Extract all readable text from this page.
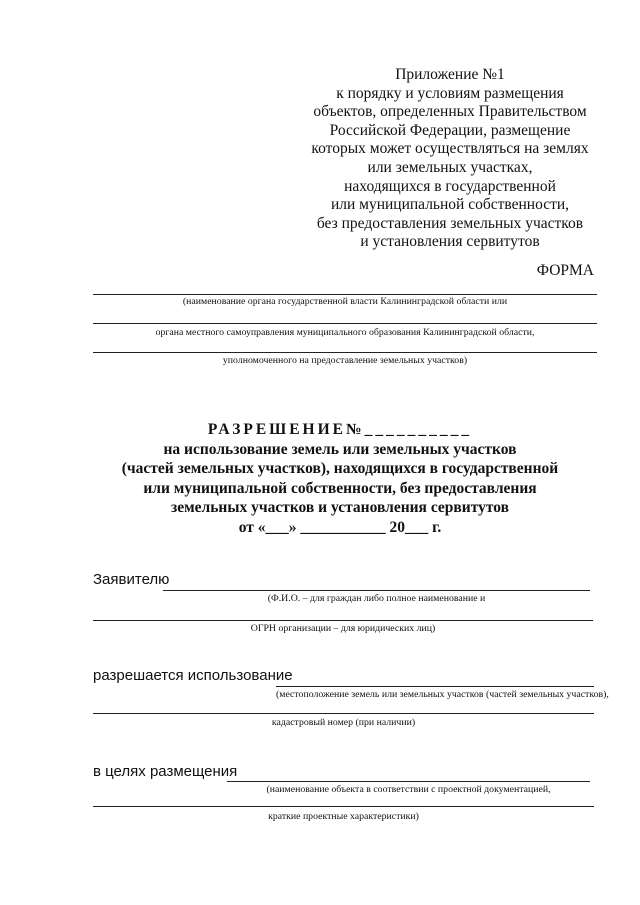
Приложение №1
к порядку и условиям размещения
объектов, определенных Правительством
Российской Федерации, размещение
которых может осуществляться на землях
или земельных участках,
находящихся в государственной
или муниципальной собственности,
без предоставления земельных участков
и установления сервитутов
ФОРМА
(наименование органа государственной власти Калининградской области или
органа местного самоуправления муниципального образования Калининградской области,
уполномоченного на предоставление земельных участков)
РАЗРЕШЕНИЕ№__________
на использование земель или земельных участков
(частей земельных участков), находящихся в государственной
или муниципальной собственности, без предоставления
земельных участков и установления сервитутов
от «___» ___________ 20___ г.
Заявителю
(Ф.И.О. – для граждан либо полное наименование и
ОГРН организации – для юридических лиц)
разрешается использование
(местоположение земель или земельных участков (частей земельных участков),
кадастровый номер (при наличии)
в целях размещения
(наименование объекта в соответствии с проектной документацией,
краткие проектные характеристики)
